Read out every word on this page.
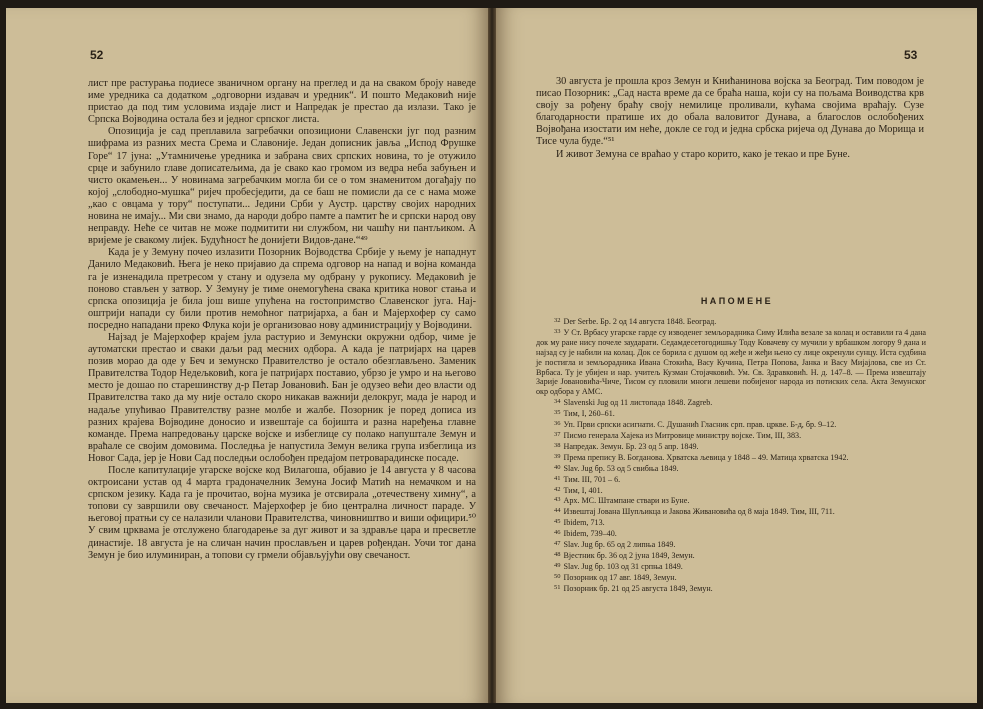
52

лист пре растурања подиесе званичном органу на преглед и да на сваком броју наведе име уредника са додатком „одговорни издавач и уредник“. И пошто Медаковић није пристао да под тим условима издаје лист и Напредак је престао да излази. Тако је Српска Војводина остала без и једног српског листа.

Опозиција је сад преплавила загребачки опозициони Славенски југ под разним шифрама из разних места Срема и Славоније. Један дописник јавља „Испод Фрушке Горе“ 17 јуна: „Утамничење уредника и забрана свих српских новина, то је отужило срце и забунило главе дописатељима, да је свако као громом из ведра неба забуњен и чисто окамењен... У новинама загребачким могла би се о том знаменитом догађају по којој „слободно-мушка“ ријеч пробесједити, да се баш не помисли да се с нама може „као с овцама у тору“ поступати... Једини Срби у Аустр. царству својих народних новина не имају... Ми сви знамо, да народи добро памте а памтит ће и српски народ ову неправду. Неће се читав не може подмитити ни службом, ни чашћу ни пантљиком. А вријеме је свакому лијек. Будућност ће донијети Видов-дане.“⁴⁹

Када је у Земуну почео излазити Позорник Војводства Србије у њему је нападнут Данило Медаковић. Њега је неко пријавио да спрема одговор на напад и војна команда га је изненадила претресом у стану и одузела му одбрану у рукопису. Медаковић је поново стављен у затвор. У Земуну је тиме онемогућена свака критика новог стања и српска опозиција је била још више упућена на гостопримство Славенског југа. Најоштрији напади су били против немоћног патријарха, а бан и Мајерхофер су само посредно нападани преко Флука који је организовао нову администрацију у Војводини.

Најзад је Мајерхофер крајем јула растурио и Земунски окружни одбор, чиме је аутоматски престао и сваки даљи рад месних одбора. А када је патријарх на царев позив морао да оде у Беч и земунско Правителство је остало обезглављено. Заменик Правителства Тодор Недељковић, кога је патријарх поставио, убрзо је умро и на његово место је дошао по старешинству д-р Петар Јовановић. Бан је одузео већи део власти од Правителства тако да му није остало скоро никакав важнији делокруг, мада је народ и надаље упућивао Правителству разне молбе и жалбе. Позорник је поред дописа из разних крајева Војводине доносио и извештаје са бојишта и разна наређења главне команде. Према напредовању царске војске и избеглице су полако напуштале Земун и враћале се својим домовима. Последња је напустила Земун велика група избеглица из Новог Сада, јер је Нови Сад последњи ослобођен предајом петроварадинске посаде.

После капитулације угарске војске код Вилагоша, објавио је 14 августа у 8 часова октроисани устав од 4 марта градоначелник Земуна Јосиф Матић на немачком и на српском језику. Када га је прочитао, војна музика је отсвирала „отечествену химну“, а топови су завршили ову свечаност. Мајерхофер је био централна личност параде. У његовој пратњи су се налазили чланови Правителства, чиновништво и виши официри.⁵⁰ У свим црквама је отслужено благодарење за дуг живот и за здравље цара и пресветле династије. 18 августа је на сличан начин прослављен и царев рођендан. Уочи тог дана Земун је био илуминиран, а топови су грмели објављујући ову свечаност.

53

30 августа је прошла кроз Земун и Книћанинова војска за Београд. Тим поводом је писао Позорник: „Сад наста време да се браћа наша, који су на пољама Воиводства крв своју за рођену браћу своју немилице проливали, кућама својима враћају. Сузе благодарности пратише их до обала валовитог Дунава, а благослов ослобођених Војвођана изостати им неће, докле се год и једна србска ријеча од Дунава до Морища и Тисе чула буде.“⁵¹

И живот Земуна се враћао у старо корито, како је текао и пре Буне.

НАПОМЕНЕ

$^{32}$ Der Serbe. Бр. 2 од 14 августа 1848. Београд.

$^{33}$ У Ст. Врбасу угарске гарде су изводенег земљорадника Симу Илића везале за колац и оставили га 4 дана док му ране нису почеле заударати. Седамдесетогодишњу Тоду Ковачеву су мучили у врбашком логору 9 дана и најзад су је набили на колац. Док се борила с душом од жеђе и жеђи њено су лице окренули сунцу. Иста судбина је постигла и земљорадника Ивана Стокића, Васу Кучина, Петра Попова, Јанка и Васу Мијајлова, све из Ст. Врбаса. Ту је убијен и нар. учитељ Кузман Стојачковић. Ум. Св. Здравковић. Н. д. 147–8. — Према извештају Зарије Јовановића-Чиче, Тисом су пловили многи лешеви побијеног народа из потиских села. Акта Земунског окр одбора у АМС.

$^{34}$ Slavenski Jug од 11 листопада 1848. Zagreb.

$^{35}$ Тим, I, 260–61.

$^{36}$ Уп. Први српски асигнати. С. Душанић Гласник срп. прав. цркве. Б-д, бр. 9–12.

$^{37}$ Писмо генерала Хајека из Митровице министру војске. Тим, III, 383.

$^{38}$ Напредак. Земун. Бр. 23 од 5 апр. 1849.

$^{39}$ Према препису В. Богданова. Хрватска љевица у 1848 – 49. Матица хрватска 1942.

$^{40}$ Slav. Jug бр. 53 од 5 свибња 1849.

$^{41}$ Тим. III, 701 – 6.

$^{42}$ Тим, I, 401.

$^{43}$ Арх. МС. Штампане ствари из Буне.

$^{44}$ Извештај Јована Шупљикца и Јакова Живановића од 8 маја 1849. Тим, III, 711.

$^{45}$ Ibidem, 713.

$^{46}$ Ibidem, 739–40.

$^{47}$ Slav. Jug бр. 65 од 2 липња 1849.

$^{48}$ Вјестник бр. 36 од 2 јуна 1849, Земун.

$^{49}$ Slav. Jug бр. 103 од 31 српња 1849.

$^{50}$ Позорник од 17 авг. 1849, Земун.

$^{51}$ Позорник бр. 21 од 25 августа 1849, Земун.
